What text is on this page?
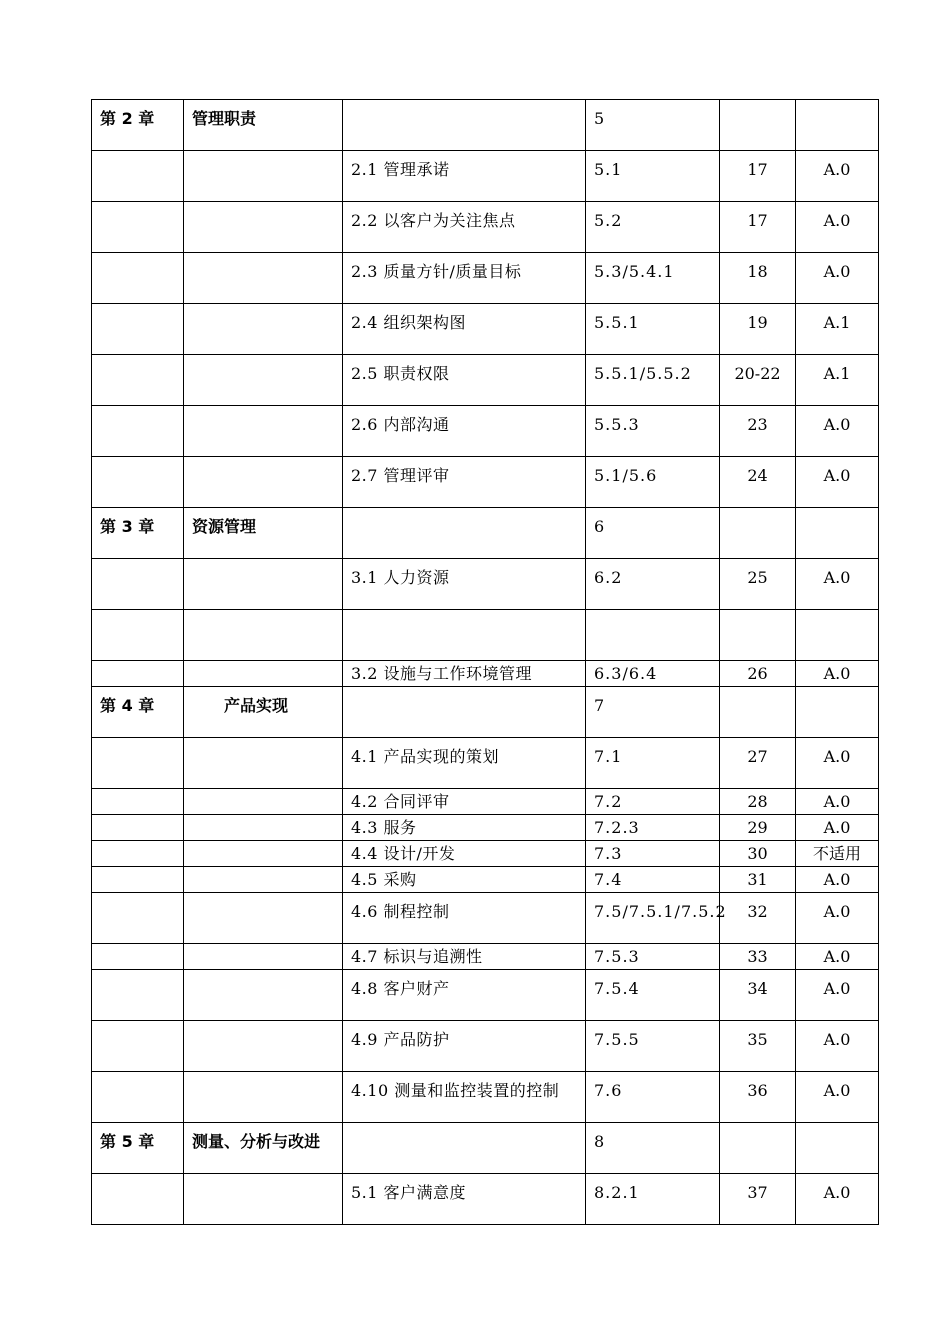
第 2 章	管理职责		5		
		2.1 管理承诺	5.1	17	A.0
		2.2 以客户为关注焦点	5.2	17	A.0
		2.3 质量方针/质量目标	5.3/5.4.1	18	A.0
		2.4 组织架构图	5.5.1	19	A.1
		2.5 职责权限	5.5.1/5.5.2	20-22	A.1
		2.6 内部沟通	5.5.3	23	A.0
		2.7 管理评审	5.1/5.6	24	A.0
第 3 章	资源管理		6		
		3.1 人力资源	6.2	25	A.0

		3.2 设施与工作环境管理	6.3/6.4	26	A.0
第 4 章	产品实现		7		
		4.1 产品实现的策划	7.1	27	A.0
		4.2 合同评审	7.2	28	A.0
		4.3 服务	7.2.3	29	A.0
		4.4 设计/开发	7.3	30	不适用
		4.5 采购	7.4	31	A.0
		4.6 制程控制	7.5/7.5.1/7.5.2	32	A.0
		4.7 标识与追溯性	7.5.3	33	A.0
		4.8 客户财产	7.5.4	34	A.0
		4.9 产品防护	7.5.5	35	A.0
		4.10 测量和监控装置的控制	7.6	36	A.0
第 5 章	测量、分析与改进		8		
		5.1 客户满意度	8.2.1	37	A.0
